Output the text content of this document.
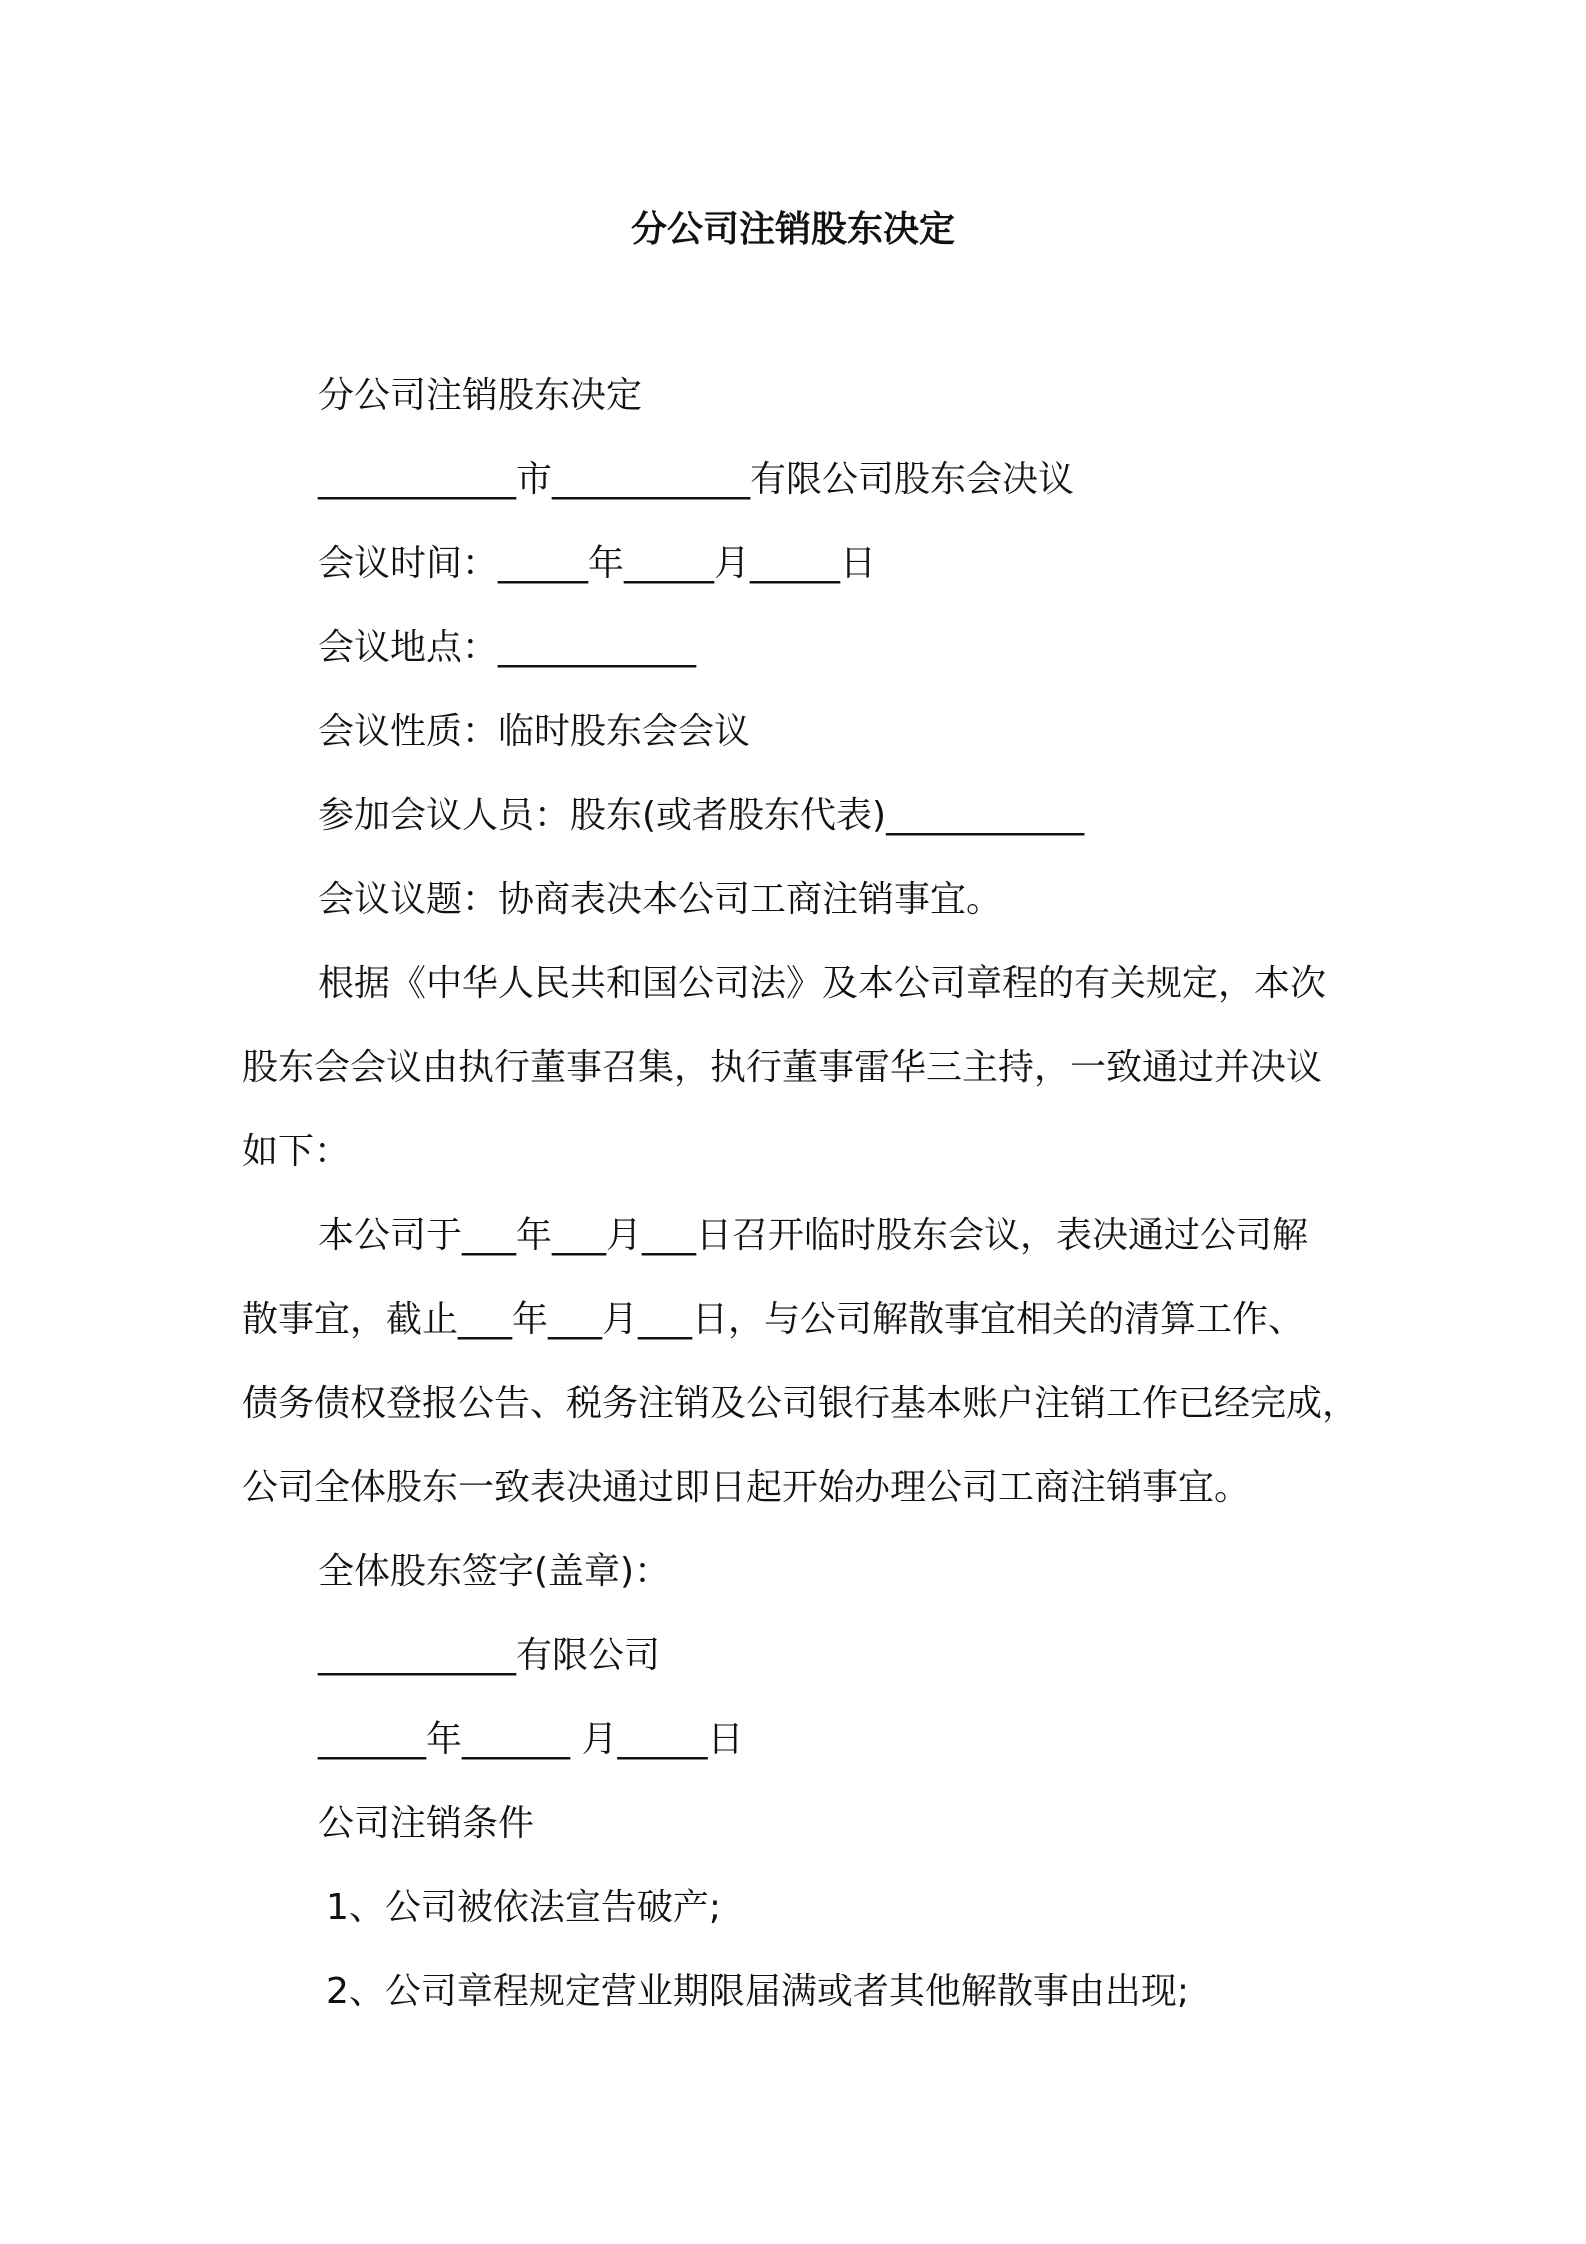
分公司注销股东决定
分公司注销股东决定
___________市___________有限公司股东会决议
会议时间：_____年_____月_____日
会议地点：___________
会议性质：临时股东会会议
参加会议人员：股东(或者股东代表)___________
会议议题：协商表决本公司工商注销事宜。
根据《中华人民共和国公司法》及本公司章程的有关规定，本次
股东会会议由执行董事召集，执行董事雷华三主持，一致通过并决议
如下：
本公司于___年___月___日召开临时股东会议，表决通过公司解
散事宜，截止___年___月___日，与公司解散事宜相关的清算工作、
债务债权登报公告、税务注销及公司银行基本账户注销工作已经完成，
公司全体股东一致表决通过即日起开始办理公司工商注销事宜。
全体股东签字(盖章)：
___________有限公司
______年______ 月_____日
公司注销条件
1、公司被依法宣告破产;
2、公司章程规定营业期限届满或者其他解散事由出现;
